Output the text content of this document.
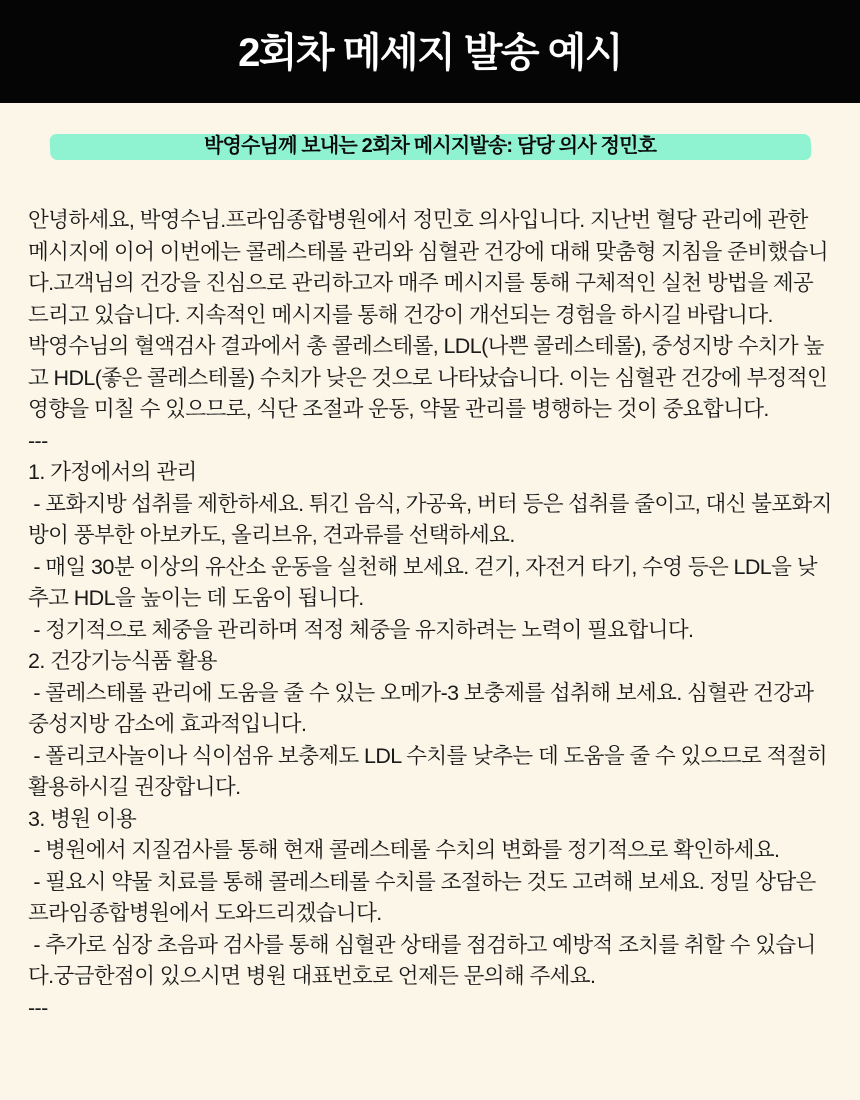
2회차 메세지 발송 예시
박영수님께 보내는 2회차 메시지발송: 담당 의사 정민호
안녕하세요, 박영수님.프라임종합병원에서 정민호 의사입니다. 지난번 혈당 관리에 관한 메시지에 이어 이번에는 콜레스테롤 관리와 심혈관 건강에 대해 맞춤형 지침을 준비했습니다.고객님의 건강을 진심으로 관리하고자 매주 메시지를 통해 구체적인 실천 방법을 제공드리고 있습니다. 지속적인 메시지를 통해 건강이 개선되는 경험을 하시길 바랍니다.
박영수님의 혈액검사 결과에서 총 콜레스테롤, LDL(나쁜 콜레스테롤), 중성지방 수치가 높고 HDL(좋은 콜레스테롤) 수치가 낮은 것으로 나타났습니다. 이는 심혈관 건강에 부정적인 영향을 미칠 수 있으므로, 식단 조절과 운동, 약물 관리를 병행하는 것이 중요합니다.
---
1. 가정에서의 관리
- 포화지방 섭취를 제한하세요. 튀긴 음식, 가공육, 버터 등은 섭취를 줄이고, 대신 불포화지방이 풍부한 아보카도, 올리브유, 견과류를 선택하세요.
- 매일 30분 이상의 유산소 운동을 실천해 보세요. 걷기, 자전거 타기, 수영 등은 LDL을 낮추고 HDL을 높이는 데 도움이 됩니다.
- 정기적으로 체중을 관리하며 적정 체중을 유지하려는 노력이 필요합니다.
2. 건강기능식품 활용
- 콜레스테롤 관리에 도움을 줄 수 있는 오메가-3 보충제를 섭취해 보세요. 심혈관 건강과 중성지방 감소에 효과적입니다.
- 폴리코사놀이나 식이섬유 보충제도 LDL 수치를 낮추는 데 도움을 줄 수 있으므로 적절히 활용하시길 권장합니다.
3. 병원 이용
- 병원에서 지질검사를 통해 현재 콜레스테롤 수치의 변화를 정기적으로 확인하세요.
- 필요시 약물 치료를 통해 콜레스테롤 수치를 조절하는 것도 고려해 보세요. 정밀 상담은 프라임종합병원에서 도와드리겠습니다.
- 추가로 심장 초음파 검사를 통해 심혈관 상태를 점검하고 예방적 조치를 취할 수 있습니다.궁금한점이 있으시면 병원 대표번호로 언제든 문의해 주세요.
---
